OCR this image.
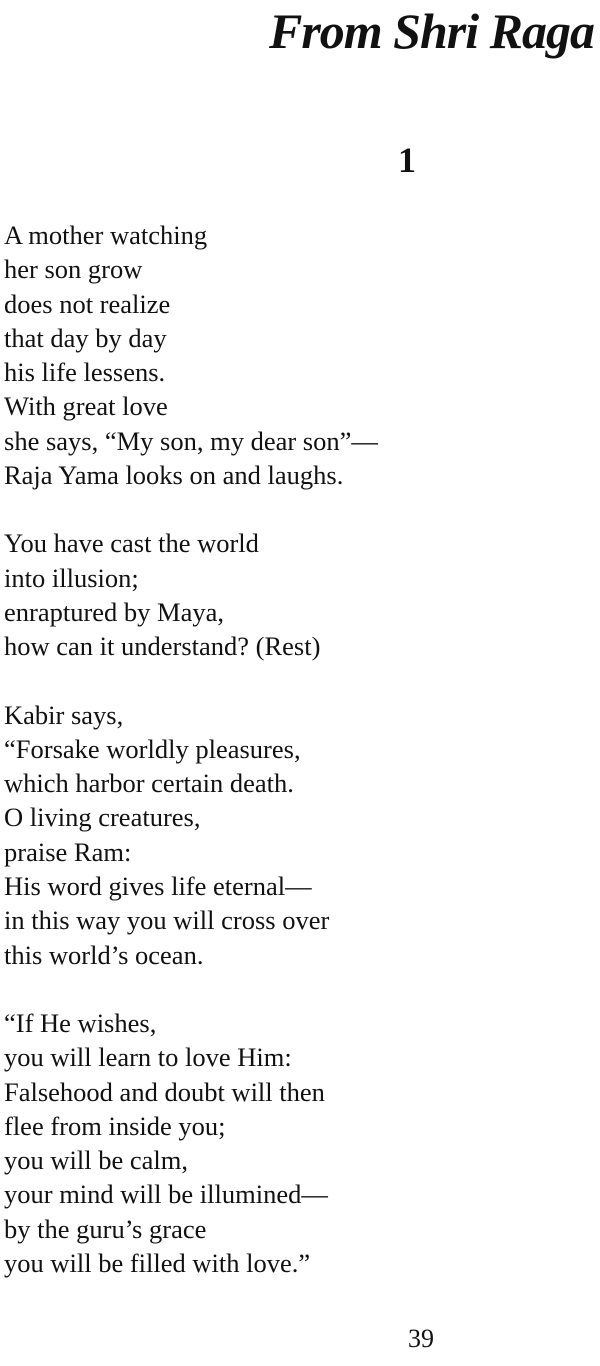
From Shri Raga
1
A mother watching
her son grow
does not realize
that day by day
his life lessens.
With great love
she says, “My son, my dear son”—
Raja Yama looks on and laughs.
You have cast the world
into illusion;
enraptured by Maya,
how can it understand? (Rest)
Kabir says,
“Forsake worldly pleasures,
which harbor certain death.
O living creatures,
praise Ram:
His word gives life eternal—
in this way you will cross over
this world’s ocean.
“If He wishes,
you will learn to love Him:
Falsehood and doubt will then
flee from inside you;
you will be calm,
your mind will be illumined—
by the guru’s grace
you will be filled with love.”
39
